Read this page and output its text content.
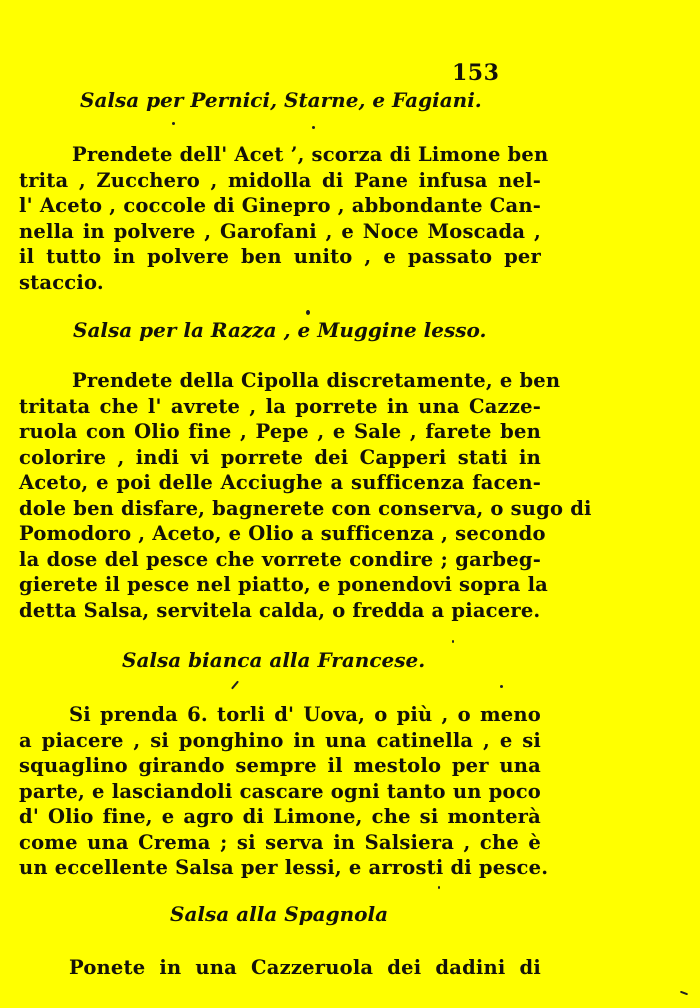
153
Salsa per Pernici, Starne, e Fagiani.
Prendete dell' Acet ’, scorza di Limone ben
trita , Zucchero , midolla di Pane infusa nel-
l' Aceto , coccole di Ginepro , abbondante Can-
nella in polvere , Garofani , e Noce Moscada ,
il tutto in polvere ben unito , e passato per
staccio.
Salsa per la Razza , e Muggine lesso.
Prendete della Cipolla discretamente, e ben
tritata che l' avrete , la porrete in una Cazze-
ruola con Olio fine , Pepe , e Sale , farete ben
colorire , indi vi porrete dei Capperi stati in
Aceto, e poi delle Acciughe a sufficenza facen-
dole ben disfare, bagnerete con conserva, o sugo di
Pomodoro , Aceto, e Olio a sufficenza , secondo
la dose del pesce che vorrete condire ; garbeg-
gierete il pesce nel piatto, e ponendovi sopra la
detta Salsa, servitela calda, o fredda a piacere.
Salsa bianca alla Francese.
Si prenda 6. torli d' Uova, o più , o meno
a piacere , si ponghino in una catinella , e si
squaglino girando sempre il mestolo per una
parte, e lasciandoli cascare ogni tanto un poco
d' Olio fine, e agro di Limone, che si monterà
come una Crema ; si serva in Salsiera , che è
un eccellente Salsa per lessi, e arrosti di pesce.
Salsa alla Spagnola
Ponete in una Cazzeruola dei dadini di
